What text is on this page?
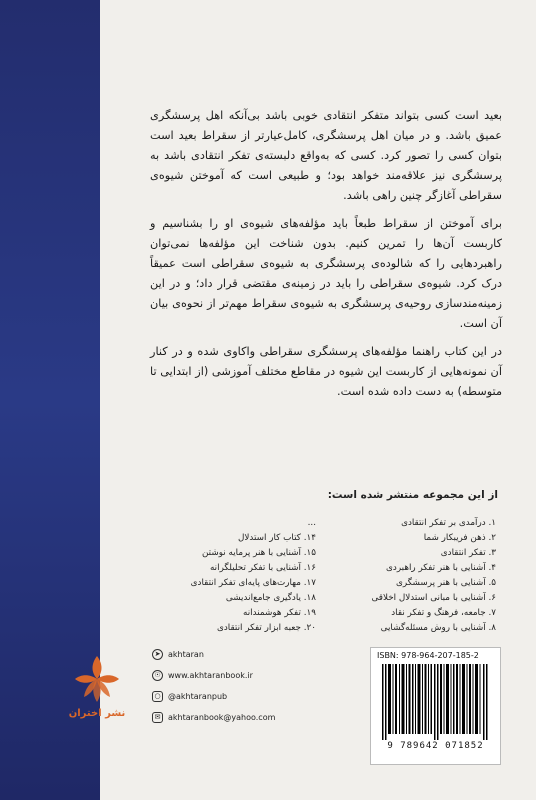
بعید است کسی بتواند متفکر انتقادی خوبی باشد بی‌آنکه اهل پرسشگری عمیق باشد. و در میان اهل پرسشگری، کامل‌عیارتر از سقراط بعید است بتوان کسی را تصور کرد. کسی که به‌واقع دلبسته‌ی تفکر انتقادی باشد به پرسشگری نیز علاقه‌مند خواهد بود؛ و طبیعی است که آموختن شیوه‌ی سقراطی آغازگر چنین راهی باشد.

برای آموختن از سقراط طبعاً باید مؤلفه‌های شیوه‌ی او را بشناسیم و کاربست آن‌ها را تمرین کنیم. بدون شناخت این مؤلفه‌ها نمی‌توان راهبردهایی را که شالوده‌ی پرسشگری به شیوه‌ی سقراطی است عمیقاً درک کرد. شیوه‌ی سقراطی را باید در زمینه‌ی مقتضی قرار داد؛ و در این زمینه‌مندسازی روحیه‌ی پرسشگری به شیوه‌ی سقراط مهم‌تر از نحوه‌ی بیان آن است.

در این کتاب راهنما مؤلفه‌های پرسشگری سقراطی واکاوی شده و در کنار آن نمونه‌هایی از کاربست این شیوه در مقاطع مختلف آموزشی (از ابتدایی تا متوسطه) به دست داده شده است.

از این مجموعه منتشر شده است:
۱. درآمدی بر تفکر انتقادی
۲. ذهن فریبکار شما
۳. تفکر انتقادی
۴. آشنایی با هنر تفکر راهبردی
۵. آشنایی با هنر پرسشگری
۶. آشنایی با مبانی استدلال اخلاقی
۷. جامعه، فرهنگ و تفکر نقاد
۸. آشنایی با روش مسئله‌گشایی
...
۱۴. کتاب کار استدلال
۱۵. آشنایی با هنر پرمایه نوشتن
۱۶. آشنایی با تفکر تحلیلگرانه
۱۷. مهارت‌های پایه‌ای تفکر انتقادی
۱۸. یادگیری جامع‌اندیشی
۱۹. تفکر هوشمندانه
۲۰. جعبه ابزار تفکر انتقادی
نشر اختران
➤ akhtaran
☉ www.akhtaranbook.ir
○ @akhtaranpub
✉ akhtaranbook@yahoo.com
ISBN: 978-964-207-185-2
9 789642 071852
